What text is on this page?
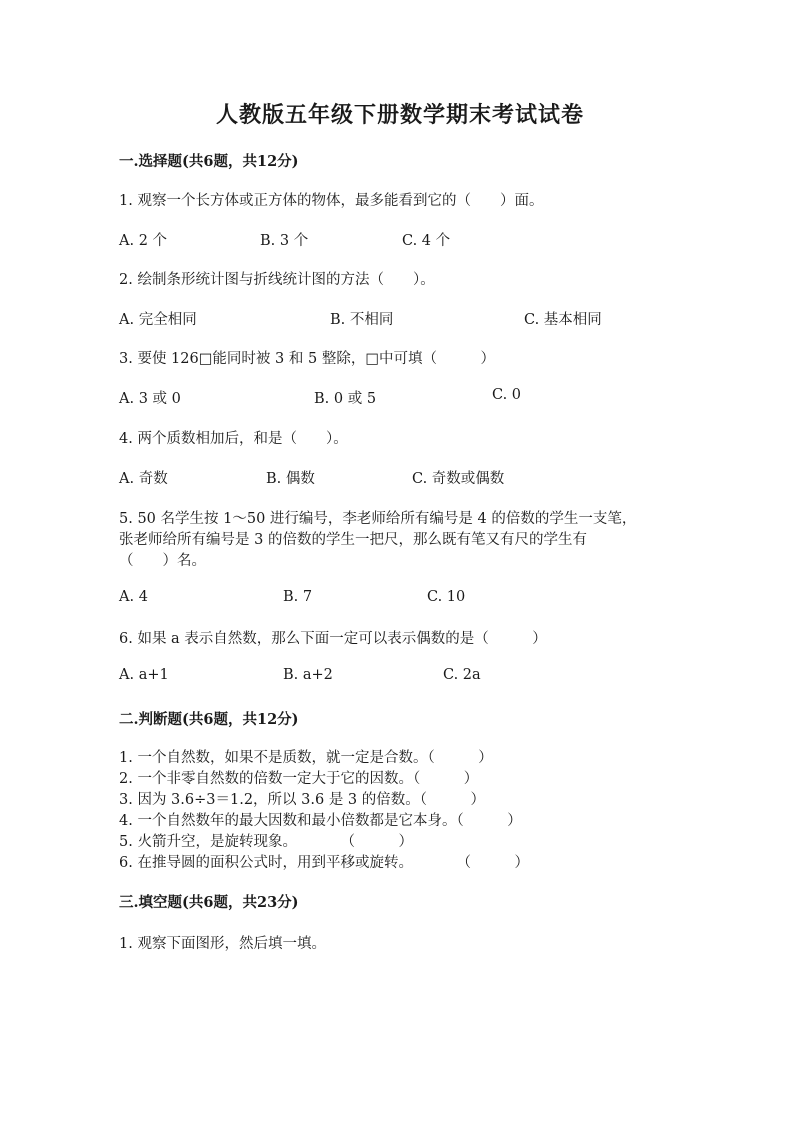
人教版五年级下册数学期末考试试卷
一.选择题(共6题，共12分)
1. 观察一个长方体或正方体的物体，最多能看到它的（　　）面。
A. 2 个	B. 3 个	C. 4 个
2. 绘制条形统计图与折线统计图的方法（　　）。
A. 完全相同	B. 不相同	C. 基本相同
3. 要使 126□能同时被 3 和 5 整除，□中可填（　　　）
A. 3 或 0	B. 0 或 5	C. 0
4. 两个质数相加后，和是（　　）。
A. 奇数	B. 偶数	C. 奇数或偶数
5. 50 名学生按 1～50 进行编号，李老师给所有编号是 4 的倍数的学生一支笔，
张老师给所有编号是 3 的倍数的学生一把尺，那么既有笔又有尺的学生有
（　　）名。
A. 4	B. 7	C. 10
6. 如果 a 表示自然数，那么下面一定可以表示偶数的是（　　　）
A. a+1	B. a+2	C. 2a
二.判断题(共6题，共12分)
1. 一个自然数，如果不是质数，就一定是合数。（　　　）
2. 一个非零自然数的倍数一定大于它的因数。（　　　）
3. 因为 3.6÷3＝1.2，所以 3.6 是 3 的倍数。（　　　）
4. 一个自然数年的最大因数和最小倍数都是它本身。（　　　）
5. 火箭升空，是旋转现象。　　　　（　　　）
6. 在推导圆的面积公式时，用到平移或旋转。　　　　（　　　）
三.填空题(共6题，共23分)
1. 观察下面图形，然后填一填。
